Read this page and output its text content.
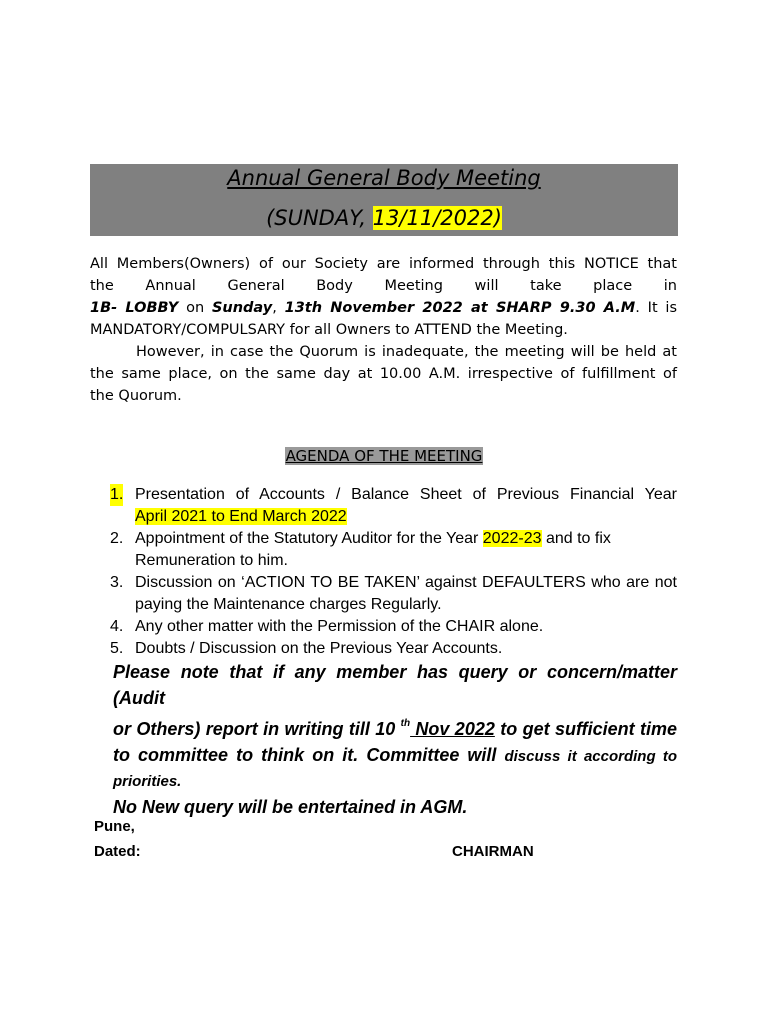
Annual General Body Meeting
(SUNDAY, 13/11/2022)
All Members(Owners) of our Society are informed through this NOTICE that
the Annual General Body Meeting will take place in
1B- LOBBY on Sunday, 13th November 2022 at SHARP 9.30 A.M. It is
MANDATORY/COMPULSARY for all Owners to ATTEND the Meeting.
However, in case the Quorum is inadequate, the meeting will be held at
the same place, on the same day at 10.00 A.M. irrespective of fulfillment of
the Quorum.
AGENDA OF THE MEETING
1. Presentation of Accounts / Balance Sheet of Previous Financial Year
April 2021 to End March 2022
2. Appointment of the Statutory Auditor for the Year 2022-23 and to fix
Remuneration to him.
3. Discussion on ‘ACTION TO BE TAKEN’ against DEFAULTERS who are not
paying the Maintenance charges Regularly.
4. Any other matter with the Permission of the CHAIR alone.
5. Doubts / Discussion on the Previous Year Accounts.
Please note that if any member has query or concern/matter (Audit
or Others) report in writing till 10 $^{th}$ Nov 2022 to get sufficient time
to committee to think on it. Committee will discuss it according to
priorities.
No New query will be entertained in AGM.
Pune,
Dated:	CHAIRMAN
